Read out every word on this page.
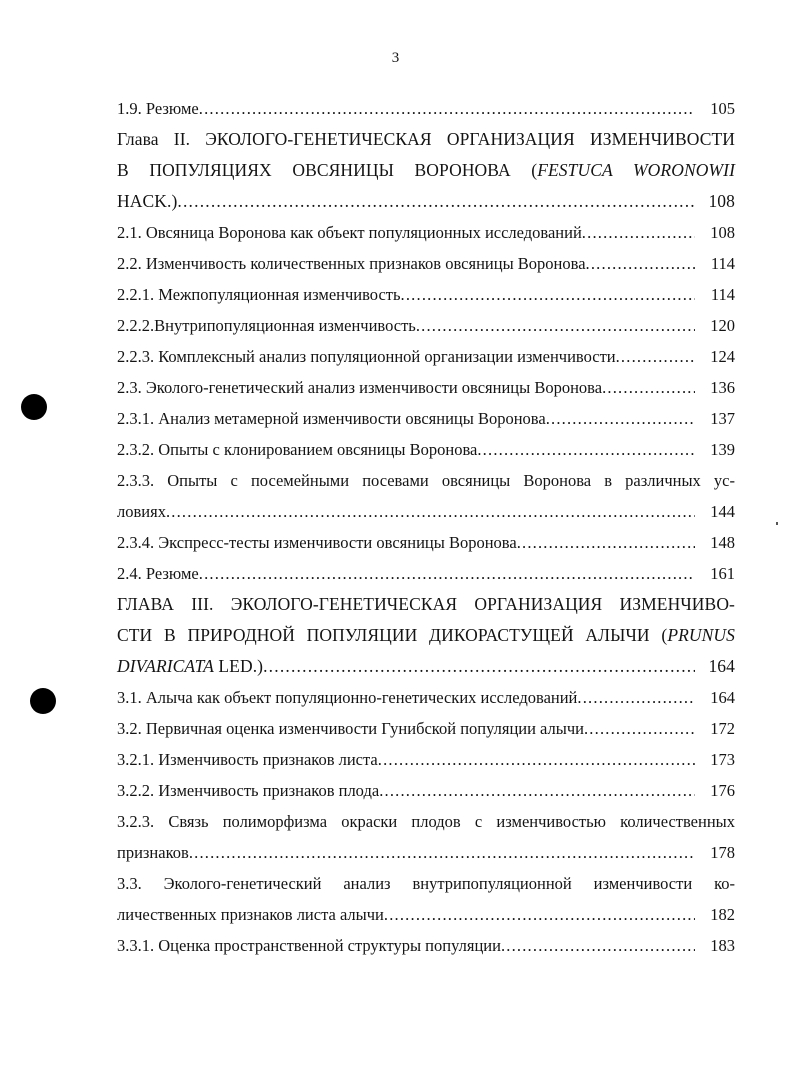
3
1.9. Резюме .....	105
Глава II. ЭКОЛОГО-ГЕНЕТИЧЕСКАЯ ОРГАНИЗАЦИЯ ИЗМЕНЧИВОСТИ
В ПОПУЛЯЦИЯХ ОВСЯНИЦЫ ВОРОНОВА (FESTUCA WORONOWII
HACK.) .....	108
2.1. Овсяница Воронова как объект популяционных исследований .....	108
2.2. Изменчивость количественных признаков овсяницы Воронова .....	114
2.2.1. Межпопуляционная изменчивость .....	114
2.2.2.Внутрипопуляционная изменчивость .....	120
2.2.3. Комплексный анализ популяционной организации изменчивости .....	124
2.3. Эколого-генетический анализ изменчивости овсяницы Воронова .....	136
2.3.1. Анализ метамерной изменчивости овсяницы Воронова .....	137
2.3.2. Опыты с клонированием овсяницы Воронова .....	139
2.3.3. Опыты с посемейными посевами овсяницы Воронова в различных ус-
ловиях .....	144
2.3.4. Экспресс-тесты изменчивости овсяницы Воронова .....	148
2.4. Резюме .....	161
ГЛАВА III. ЭКОЛОГО-ГЕНЕТИЧЕСКАЯ ОРГАНИЗАЦИЯ ИЗМЕНЧИВО-
СТИ В ПРИРОДНОЙ ПОПУЛЯЦИИ ДИКОРАСТУЩЕЙ АЛЫЧИ (PRUNUS
DIVARICATA LED.) .....	164
3.1. Алыча как объект популяционно-генетических исследований .....	164
3.2. Первичная оценка изменчивости Гунибской популяции алычи .....	172
3.2.1. Изменчивость признаков листа .....	173
3.2.2. Изменчивость признаков плода .....	176
3.2.3. Связь полиморфизма окраски плодов с изменчивостью количественных
признаков .....	178
3.3. Эколого-генетический анализ внутрипопуляционной изменчивости ко-
личественных признаков листа алычи .....	182
3.3.1. Оценка пространственной структуры популяции .....	183
